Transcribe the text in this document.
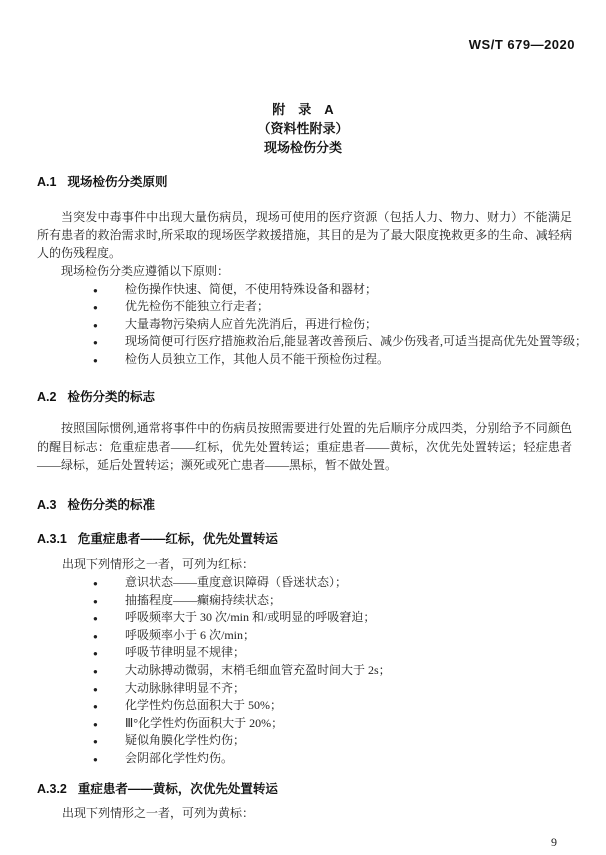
WS/T 679—2020
附　录　A
（资料性附录）
现场检伤分类
A.1 现场检伤分类原则
当突发中毒事件中出现大量伤病员，现场可使用的医疗资源（包括人力、物力、财力）不能满足所有患者的救治需求时,所采取的现场医学救援措施，其目的是为了最大限度挽救更多的生命、减轻病人的伤残程度。
现场检伤分类应遵循以下原则：
●	检伤操作快速、简便，不使用特殊设备和器材；
●	优先检伤不能独立行走者；
●	大量毒物污染病人应首先洗消后，再进行检伤；
●	现场简便可行医疗措施救治后,能显著改善预后、减少伤残者,可适当提高优先处置等级；
●	检伤人员独立工作，其他人员不能干预检伤过程。
A.2 检伤分类的标志
按照国际惯例,通常将事件中的伤病员按照需要进行处置的先后顺序分成四类，分别给予不同颜色的醒目标志：危重症患者——红标，优先处置转运；重症患者——黄标，次优先处置转运；轻症患者——绿标，延后处置转运；濒死或死亡患者——黑标，暂不做处置。
A.3 检伤分类的标准
A.3.1 危重症患者——红标，优先处置转运
出现下列情形之一者，可列为红标：
●	意识状态——重度意识障碍（昏迷状态）；
●	抽搐程度——癫痫持续状态；
●	呼吸频率大于 30 次/min 和/或明显的呼吸窘迫；
●	呼吸频率小于 6 次/min；
●	呼吸节律明显不规律；
●	大动脉搏动微弱，末梢毛细血管充盈时间大于 2s；
●	大动脉脉律明显不齐；
●	化学性灼伤总面积大于 50%；
●	Ⅲ°化学性灼伤面积大于 20%；
●	疑似角膜化学性灼伤；
●	会阴部化学性灼伤。
A.3.2 重症患者——黄标，次优先处置转运
出现下列情形之一者，可列为黄标：
9
